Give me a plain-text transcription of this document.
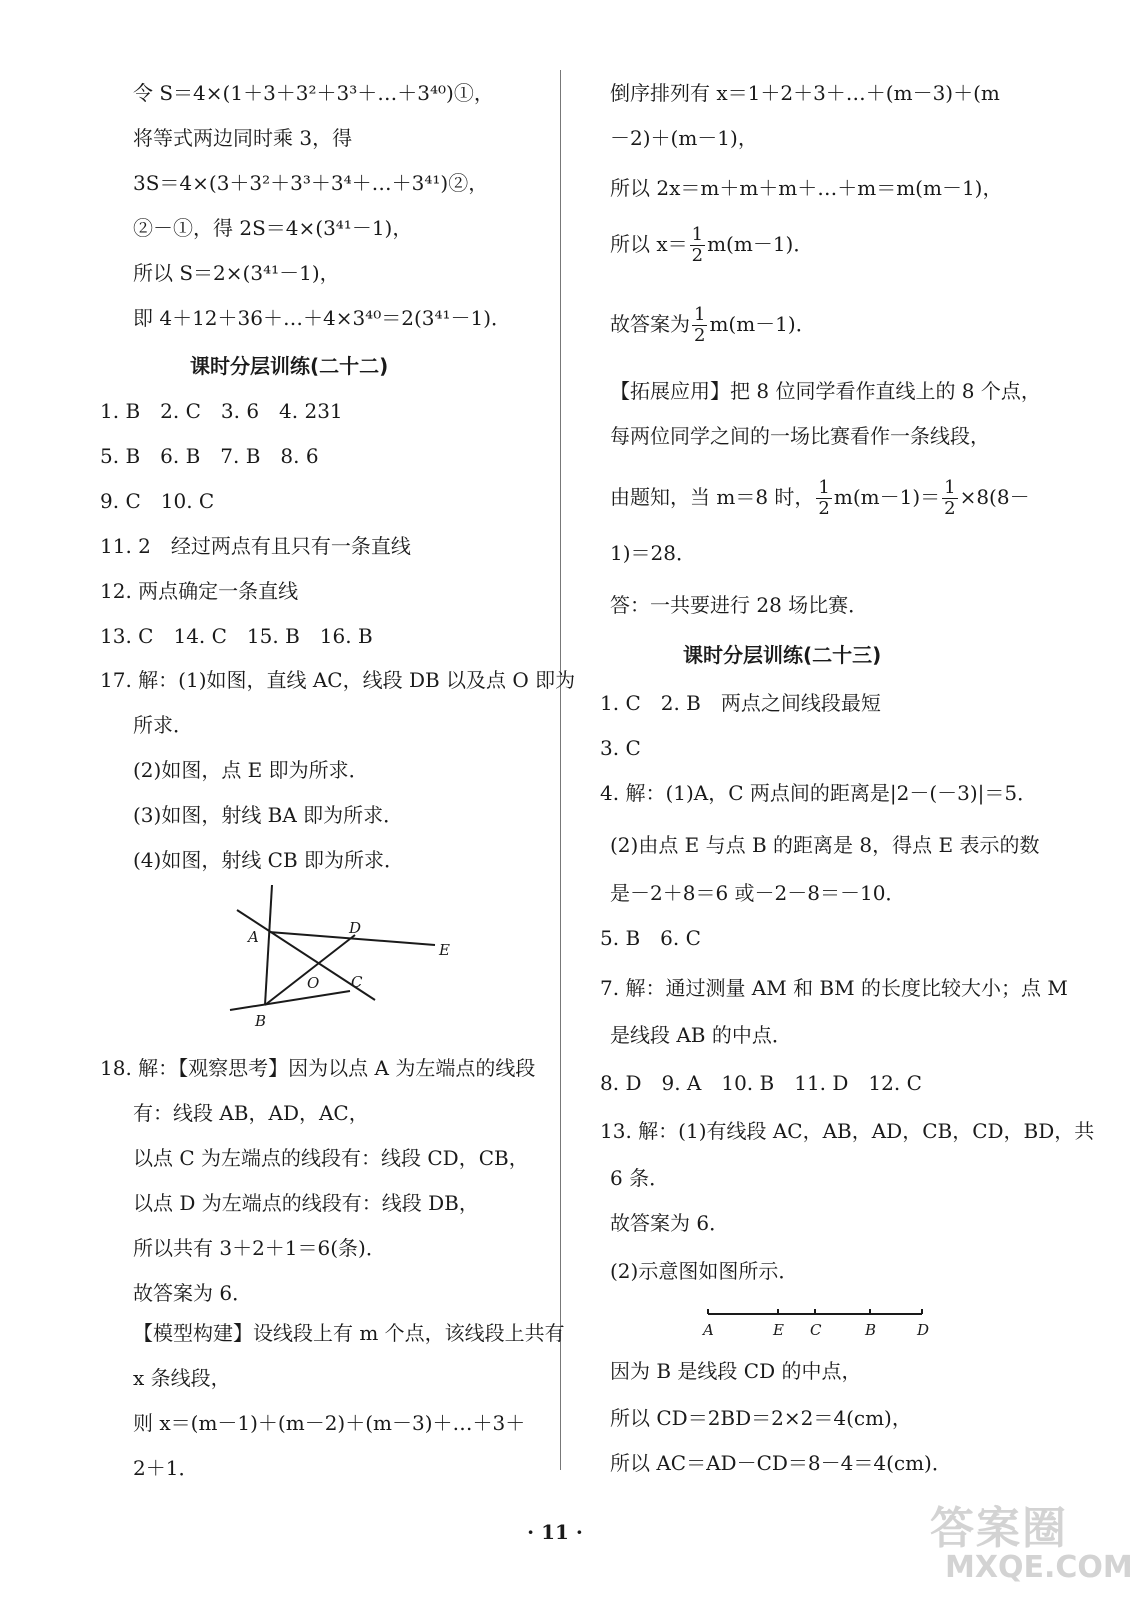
令 S＝4×(1＋3＋3²＋3³＋…＋3⁴⁰)①，
将等式两边同时乘 3，得
3S＝4×(3＋3²＋3³＋3⁴＋…＋3⁴¹)②，
②－①，得 2S＝4×(3⁴¹－1)，
所以 S＝2×(3⁴¹－1)，
即 4＋12＋36＋…＋4×3⁴⁰＝2(3⁴¹－1)．
课时分层训练(二十二)
1. B　2. C　3. 6　4. 231
5. B　6. B　7. B　8. 6
9. C　10. C
11. 2　经过两点有且只有一条直线
12. 两点确定一条直线
13. C　14. C　15. B　16. B
17. 解：(1)如图，直线 AC，线段 DB 以及点 O 即为
所求．
(2)如图，点 E 即为所求．
(3)如图，射线 BA 即为所求．
(4)如图，射线 CB 即为所求．
18. 解：【观察思考】因为以点 A 为左端点的线段
有：线段 AB，AD，AC，
以点 C 为左端点的线段有：线段 CD，CB，
以点 D 为左端点的线段有：线段 DB，
所以共有 3＋2＋1＝6(条)．
故答案为 6．
【模型构建】设线段上有 m 个点，该线段上共有
x 条线段，
则 x＝(m－1)＋(m－2)＋(m－3)＋…＋3＋
2＋1．
倒序排列有 x＝1＋2＋3＋…＋(m－3)＋(m
－2)＋(m－1)，
所以 2x＝m＋m＋m＋…＋m＝m(m－1)，
【拓展应用】把 8 位同学看作直线上的 8 个点，
每两位同学之间的一场比赛看作一条线段，
1)＝28．
答：一共要进行 28 场比赛．
课时分层训练(二十三)
1. C　2. B　两点之间线段最短
3. C
4. 解：(1)A，C 两点间的距离是|2－(－3)|＝5．
(2)由点 E 与点 B 的距离是 8，得点 E 表示的数
是－2＋8＝6 或－2－8＝－10．
5. B　6. C
7. 解：通过测量 AM 和 BM 的长度比较大小；点 M
是线段 AB 的中点．
8. D　9. A　10. B　11. D　12. C
13. 解：(1)有线段 AC，AB，AD，CB，CD，BD，共
6 条．
故答案为 6．
(2)示意图如图所示．
因为 B 是线段 CD 的中点，
所以 CD＝2BD＝2×2＝4(cm)，
所以 AC＝AD－CD＝8－4＝4(cm)．
所以 $x= \frac{1}{2} m(m-1)$．
故答案为 $\frac{1}{2} m(m-1)$．
由题知，当 m＝8 时， $\frac{1}{2} m(m-1)= \frac{1}{2} \times 8(8-$
A	D
E
O C
B
A	E C	B	D
· 11 ·	答案圈
MXQE.COM
